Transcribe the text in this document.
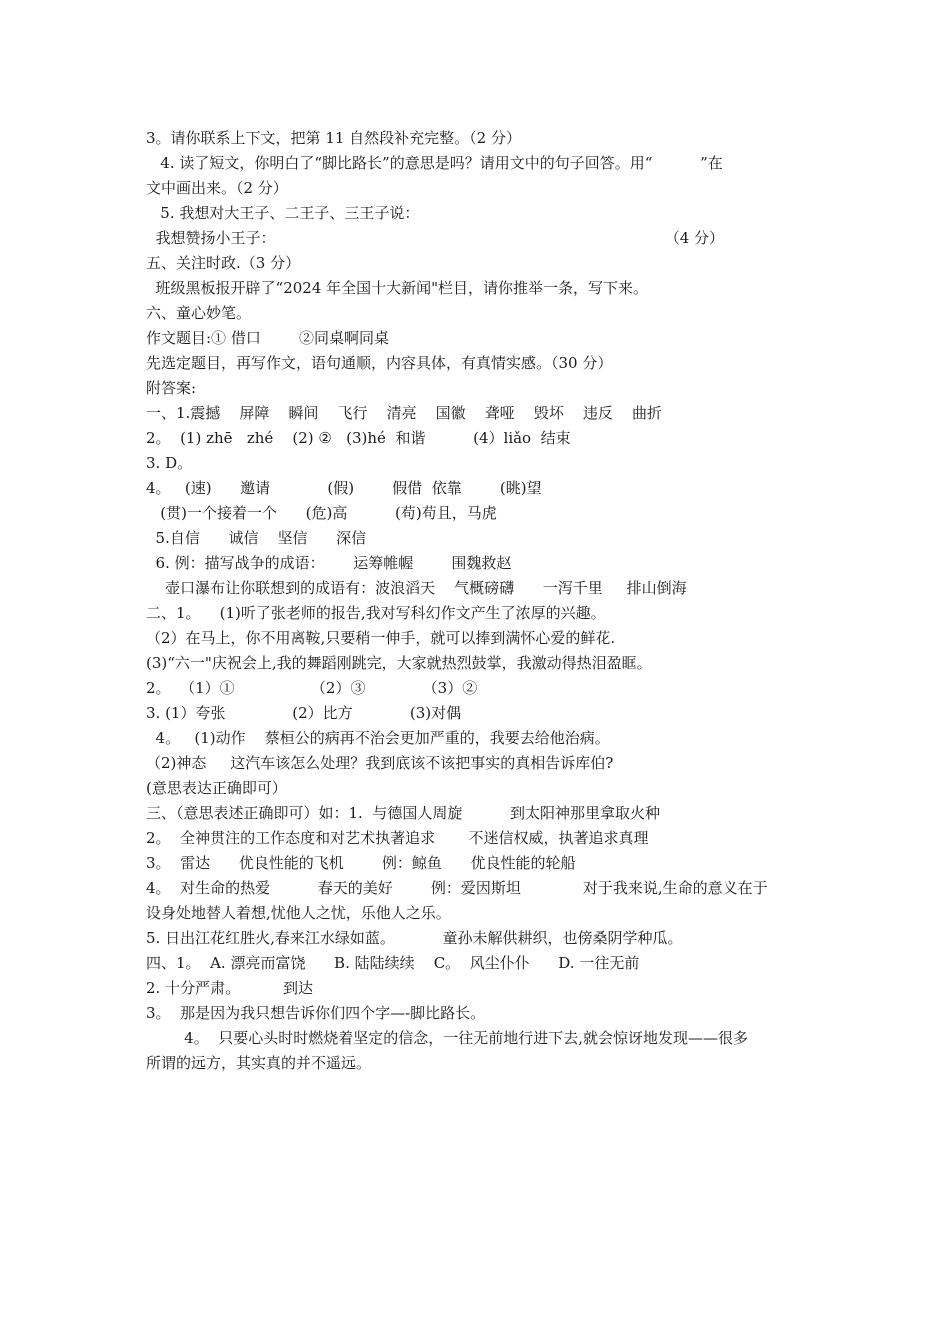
3。请你联系上下文，把第 11 自然段补充完整。（2 分）
4. 读了短文，你明白了“脚比路长”的意思是吗？请用文中的句子回答。用“          ”在
文中画出来。（2 分）
5. 我想对大王子、二王子、三王子说：
我想赞扬小王子：	（4 分）
五、关注时政.（3 分）
班级黑板报开辟了“2024 年全国十大新闻"栏目，请你推举一条，写下来。
六、童心妙笔。
作文题目:① 借口        ②同桌啊同桌
先选定题目，再写作文，语句通顺，内容具体，有真情实感。（30 分）
附答案:
一、1.震撼    屏障    瞬间    飞行    清亮    国徽    聋哑    毁坏    违反    曲折
2。  (1) zhē   zhé    (2) ②   (3)hé  和谐          (4）liǎo  结束
3. D。
4。   (速)      邀请            (假)        假借  依靠        (眺)望
(贯)一个接着一个      (危)高          (苟)苟且，马虎
5.自信      诚信    坚信      深信
6. 例：描写战争的成语：      运筹帷幄        围魏救赵
壶口瀑布让你联想到的成语有：波浪滔天    气概磅礴      一泻千里     排山倒海
二、1。    (1)听了张老师的报告,我对写科幻作文产生了浓厚的兴趣。
（2）在马上，你不用离鞍,只要稍一伸手，就可以捧到满怀心爱的鲜花.
(3)“六一"庆祝会上,我的舞蹈刚跳完，大家就热烈鼓掌，我激动得热泪盈眶。
2。  （1）①                （2）③            （3）②
3. (1）夸张              (2）比方            (3)对偶
4。   (1)动作    蔡桓公的病再不治会更加严重的，我要去给他治病。
（2)神态     这汽车该怎么处理？我到底该不该把事实的真相告诉库伯?
(意思表达正确即可）
三、（意思表述正确即可）如：1.  与德国人周旋          到太阳神那里拿取火种
2。  全神贯注的工作态度和对艺术执著追求       不迷信权威，执著追求真理
3。  雷达      优良性能的飞机        例：鲸鱼      优良性能的轮船
4。  对生命的热爱          春天的美好        例：爱因斯坦             对于我来说,生命的意义在于
设身处地替人着想,忧他人之忧，乐他人之乐。
5. 日出江花红胜火,春来江水绿如蓝。          童孙未解供耕织，也傍桑阴学种瓜。
四、1。  A. 漂亮而富饶      B. 陆陆续续    C。  风尘仆仆      D. 一往无前
2. 十分严肃。         到达
3。  那是因为我只想告诉你们四个字—-脚比路长。
4。  只要心头时时燃烧着坚定的信念，一往无前地行进下去,就会惊讶地发现——很多
所谓的远方，其实真的并不遥远。
